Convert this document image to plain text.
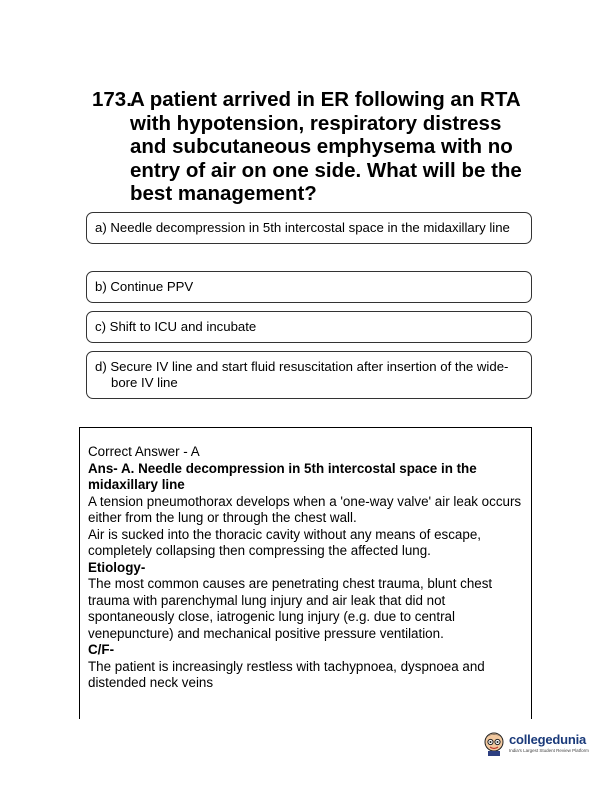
173.
A patient arrived in ER following an RTA with hypotension, respiratory distress and subcutaneous emphysema with no entry of air on one side. What will be the best management?
a) Needle decompression in 5th intercostal space in the midaxillary line
b) Continue PPV
c) Shift to ICU and incubate
d) Secure IV line and start fluid resuscitation after insertion of the wide-bore IV line

Correct Answer - A

Ans- A. Needle decompression in 5th intercostal space in the midaxillary line

A tension pneumothorax develops when a 'one-way valve' air leak occurs either from the lung or through the chest wall.

Air is sucked into the thoracic cavity without any means of escape, completely collapsing then compressing the affected lung.

Etiology-

The most common causes are penetrating chest trauma, blunt chest trauma with parenchymal lung injury and air leak that did not spontaneously close, iatrogenic lung injury (e.g. due to central venepuncture) and mechanical positive pressure ventilation.

C/F-

The patient is increasingly restless with tachypnoea, dyspnoea and distended neck veins

collegedunia
India's Largest Student Review Platform
